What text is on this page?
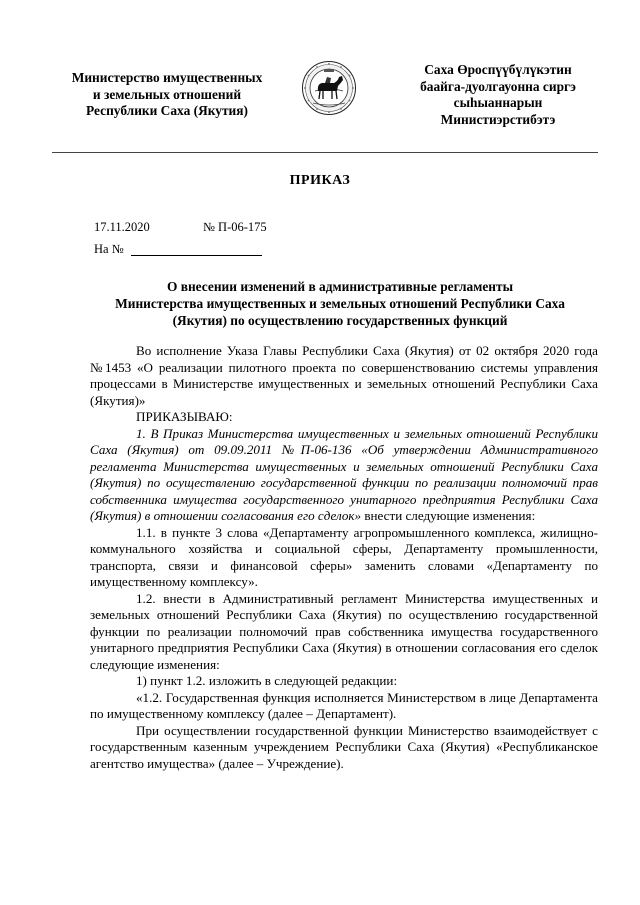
Министерство имущественных
и земельных отношений
Республики Саха (Якутия)
Саха Өроспүүбүлүкэтин
баайга-дуолгауонна сиргэ
сыһыаннарын
Министиэрстибэтэ
ПРИКАЗ
17.11.2020	№ П-06-175
На №
О внесении изменений в административные регламенты
Министерства имущественных и земельных отношений Республики Саха
(Якутия) по осуществлению государственных функций

Во исполнение Указа Главы Республики Саха (Якутия) от 02 октября 2020 года №1453 «О реализации пилотного проекта по совершенствованию системы управления процессами в Министерстве имущественных и земельных отношений Республики Саха (Якутия)»

ПРИКАЗЫВАЮ:

1. В Приказ Министерства имущественных и земельных отношений Республики Саха (Якутия) от 09.09.2011 №П-06-136 «Об утверждении Административного регламента Министерства имущественных и земельных отношений Республики Саха (Якутия) по осуществлению государственной функции по реализации полномочий прав собственника имущества государственного унитарного предприятия Республики Саха (Якутия) в отношении согласования его сделок» внести следующие изменения:

1.1. в пункте 3 слова «Департаменту агропромышленного комплекса, жилищно-коммунального хозяйства и социальной сферы, Департаменту промышленности, транспорта, связи и финансовой сферы» заменить словами «Департаменту по имущественному комплексу».

1.2. внести в Административный регламент Министерства имущественных и земельных отношений Республики Саха (Якутия) по осуществлению государственной функции по реализации полномочий прав собственника имущества государственного унитарного предприятия Республики Саха (Якутия) в отношении согласования его сделок следующие изменения:

1) пункт 1.2. изложить в следующей редакции:

«1.2. Государственная функция исполняется Министерством в лице Департамента по имущественному комплексу (далее – Департамент).

При осуществлении государственной функции Министерство взаимодействует с государственным казенным учреждением Республики Саха (Якутия) «Республиканское агентство имущества» (далее – Учреждение).
